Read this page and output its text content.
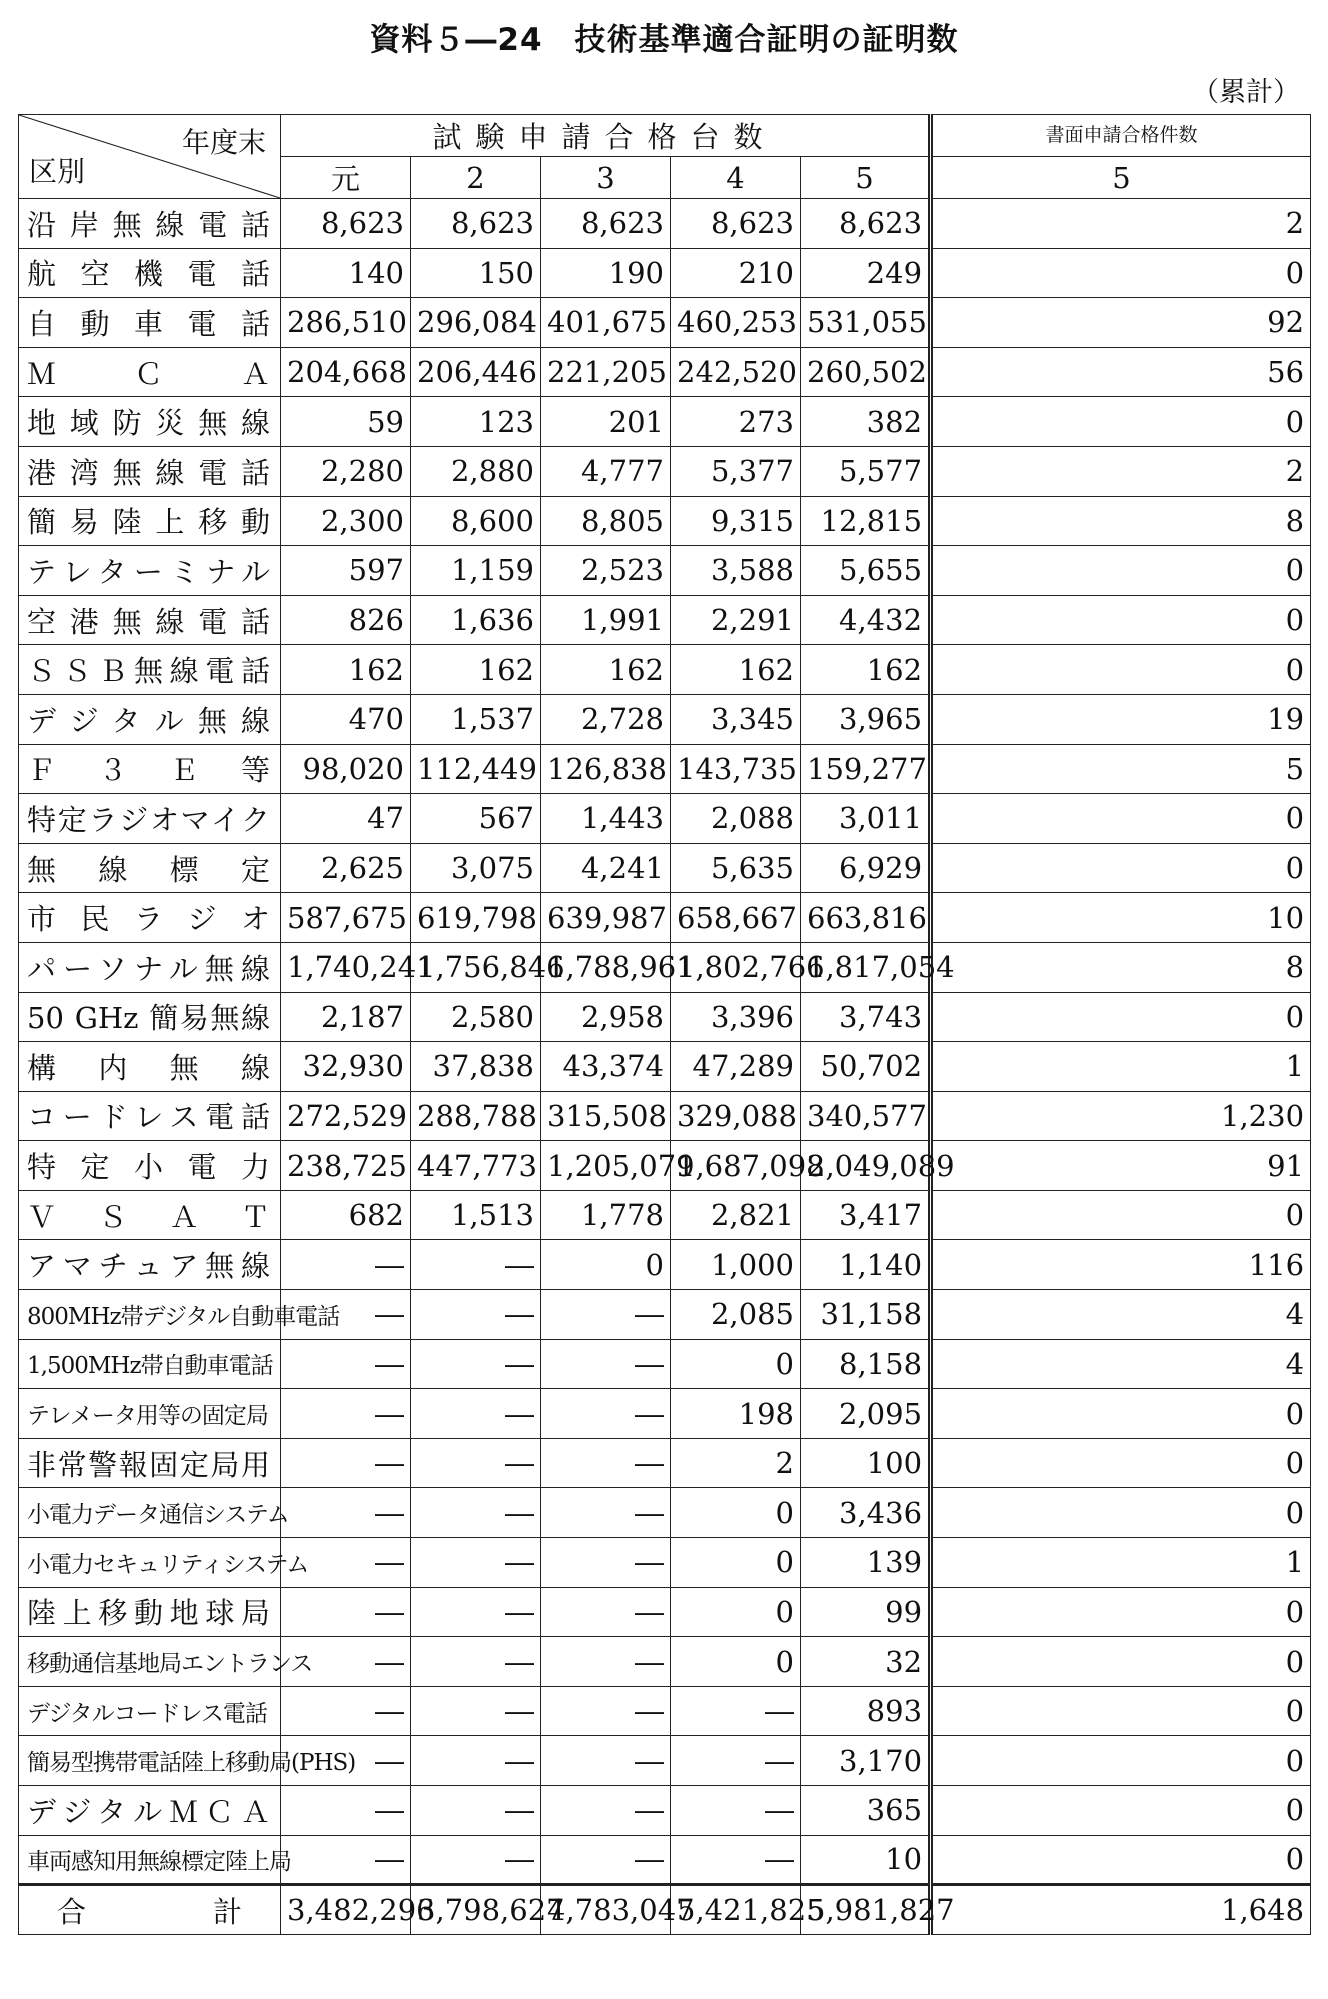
資料５―24　技術基準適合証明の証明数
（累計）
年度末
区別	試験申請合格台数					書面申請合格件数
	元	2	3	4	5	5
沿岸無線電話	8,623	8,623	8,623	8,623	8,623	2
航空機電話	140	150	190	210	249	0
自動車電話	286,510	296,084	401,675	460,253	531,055	92
ＭＣＡ	204,668	206,446	221,205	242,520	260,502	56
地域防災無線	59	123	201	273	382	0
港湾無線電話	2,280	2,880	4,777	5,377	5,577	2
簡易陸上移動	2,300	8,600	8,805	9,315	12,815	8
テレターミナル	597	1,159	2,523	3,588	5,655	0
空港無線電話	826	1,636	1,991	2,291	4,432	0
ＳＳＢ無線電話	162	162	162	162	162	0
デジタル無線	470	1,537	2,728	3,345	3,965	19
Ｆ３Ｅ等	98,020	112,449	126,838	143,735	159,277	5
特定ラジオマイク	47	567	1,443	2,088	3,011	0
無線標定	2,625	3,075	4,241	5,635	6,929	0
市民ラジオ	587,675	619,798	639,987	658,667	663,816	10
パーソナル無線	1,740,241	1,756,846	1,788,961	1,802,766	1,817,054	8
50 GHz 簡易無線	2,187	2,580	2,958	3,396	3,743	0
構内無線	32,930	37,838	43,374	47,289	50,702	1
コードレス電話	272,529	288,788	315,508	329,088	340,577	1,230
特定小電力	238,725	447,773	1,205,079	1,687,098	2,049,089	91
ＶＳＡＴ	682	1,513	1,778	2,821	3,417	0
アマチュア無線	―	―	0	1,000	1,140	116
800MHz帯デジタル自動車電話	―	―	―	2,085	31,158	4
1,500MHz帯自動車電話	―	―	―	0	8,158	4
テレメータ用等の固定局	―	―	―	198	2,095	0
非常警報固定局用	―	―	―	2	100	0
小電力データ通信システム	―	―	―	0	3,436	0
小電力セキュリティシステム	―	―	―	0	139	1
陸上移動地球局	―	―	―	0	99	0
移動通信基地局エントランス	―	―	―	0	32	0
デジタルコードレス電話	―	―	―	―	893	0
簡易型携帯電話陸上移動局(PHS)	―	―	―	―	3,170	0
デジタルＭＣＡ	―	―	―	―	365	0
車両感知用無線標定陸上局	―	―	―	―	10	0
合計	3,482,296	3,798,627	4,783,047	5,421,825	5,981,827	1,648
